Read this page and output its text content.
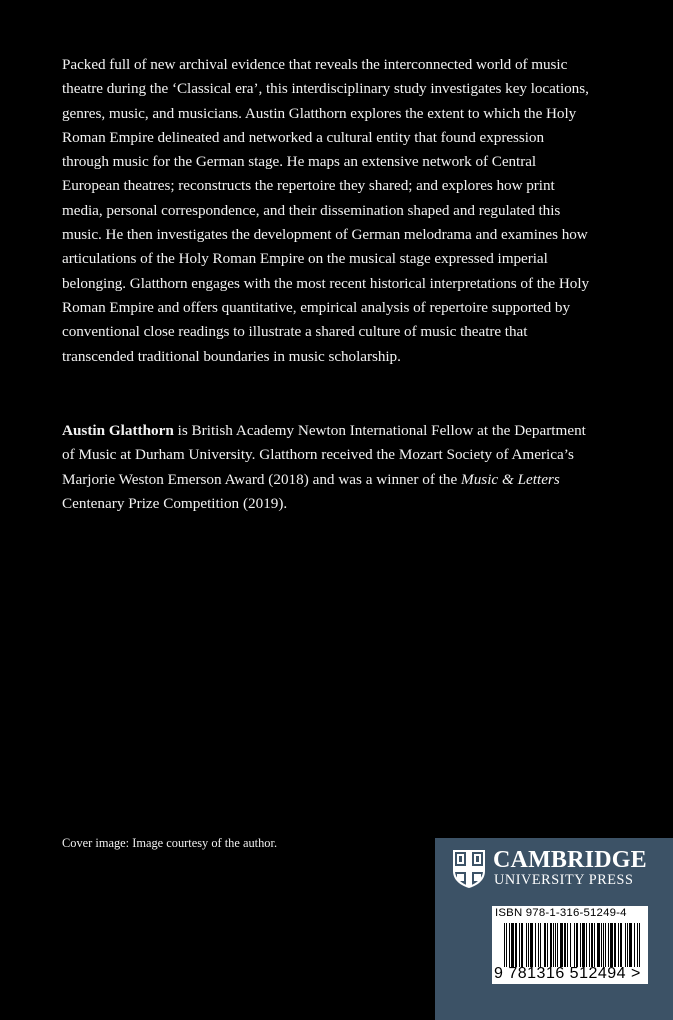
Packed full of new archival evidence that reveals the interconnected world of music theatre during the ‘Classical era’, this interdisciplinary study investigates key locations, genres, music, and musicians. Austin Glatthorn explores the extent to which the Holy Roman Empire delineated and networked a cultural entity that found expression through music for the German stage. He maps an extensive network of Central European theatres; reconstructs the repertoire they shared; and explores how print media, personal correspondence, and their dissemination shaped and regulated this music. He then investigates the development of German melodrama and examines how articulations of the Holy Roman Empire on the musical stage expressed imperial belonging. Glatthorn engages with the most recent historical interpretations of the Holy Roman Empire and offers quantitative, empirical analysis of repertoire supported by conventional close readings to illustrate a shared culture of music theatre that transcended traditional boundaries in music scholarship.

Austin Glatthorn is British Academy Newton International Fellow at the Department of Music at Durham University. Glatthorn received the Mozart Society of America’s Marjorie Weston Emerson Award (2018) and was a winner of the Music & Letters Centenary Prize Competition (2019).

Cover image: Image courtesy of the author.

CAMBRIDGE
UNIVERSITY PRESS
ISBN 978-1-316-51249-4
9 781316 512494 >
